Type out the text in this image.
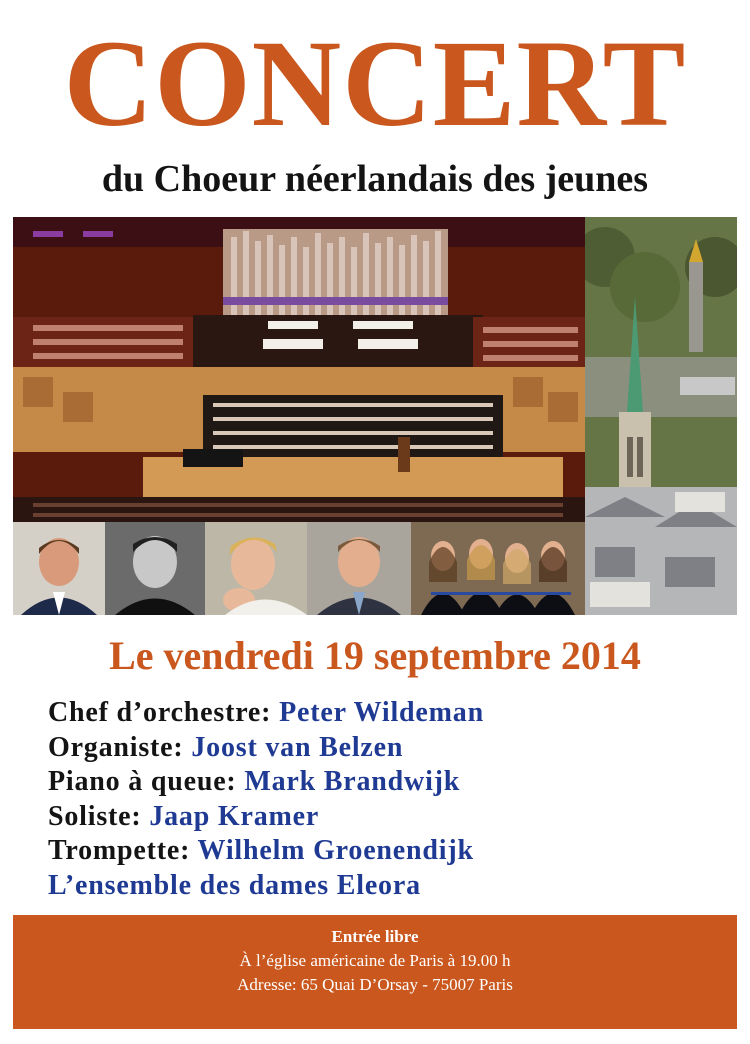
CONCERT
du Choeur néerlandais des jeunes
Le vendredi 19 septembre 2014
Chef d’orchestre: Peter Wildeman
Organiste: Joost van Belzen
Piano à queue: Mark Brandwijk
Soliste: Jaap Kramer
Trompette: Wilhelm Groenendijk
L’ensemble des dames Eleora
Entrée libre
À l’église américaine de Paris à 19.00 h
Adresse: 65 Quai D’Orsay - 75007 Paris
